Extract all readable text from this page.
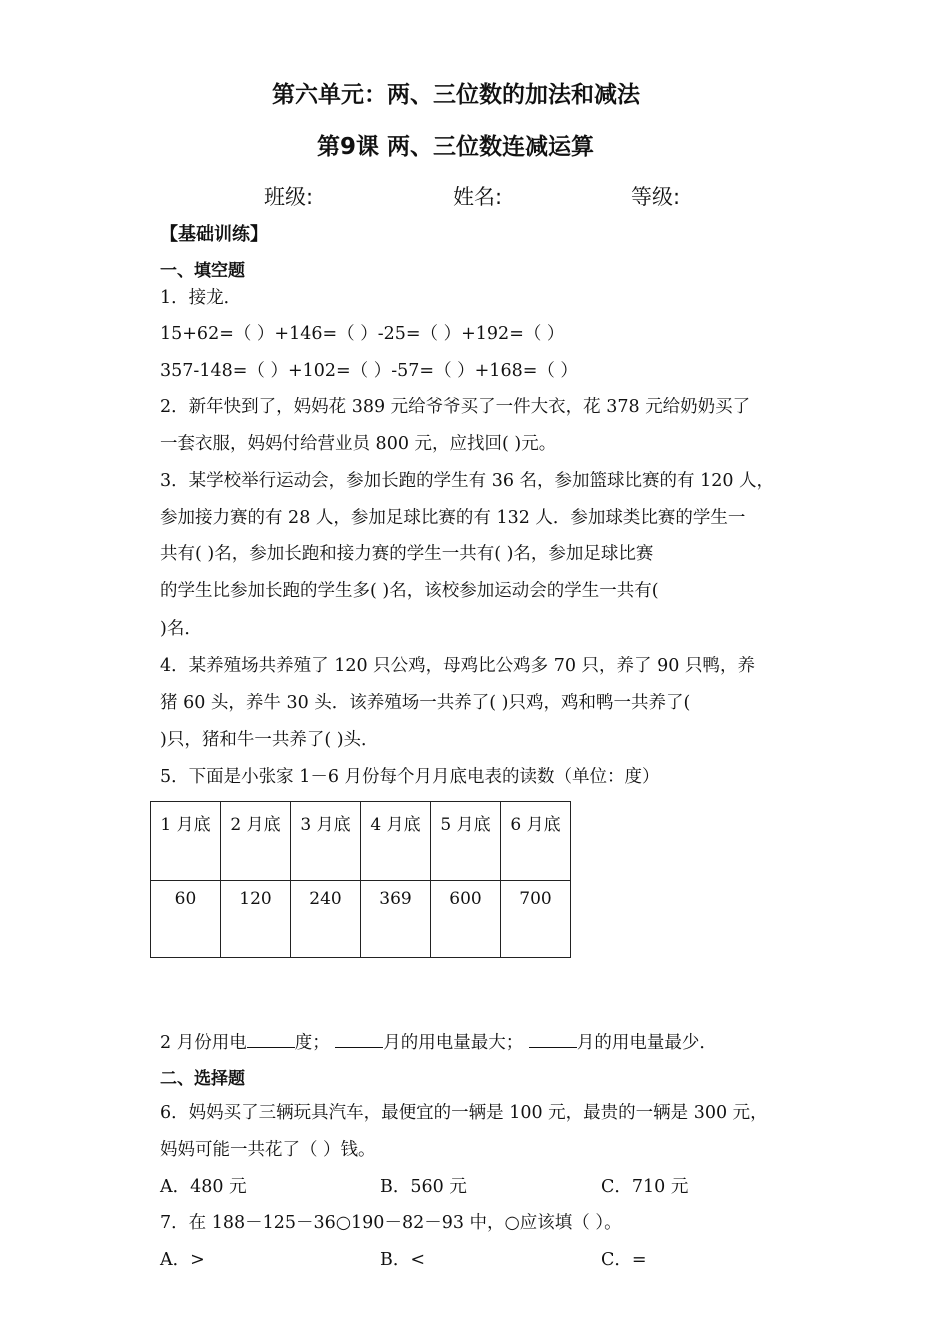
第六单元：两、三位数的加法和减法
第9课 两、三位数连减运算
班级:	姓名:	等级:
【基础训练】
一、填空题
1．接龙．
15+62=（ ）+146=（ ）-25=（ ）+192=（ ）
357-148=（ ）+102=（ ）-57=（ ）+168=（ ）
2．新年快到了，妈妈花 389 元给爷爷买了一件大衣，花 378 元给奶奶买了
一套衣服，妈妈付给营业员 800 元，应找回( )元。
3．某学校举行运动会，参加长跑的学生有 36 名，参加篮球比赛的有 120 人，
参加接力赛的有 28 人，参加足球比赛的有 132 人．参加球类比赛的学生一
共有( )名，参加长跑和接力赛的学生一共有( )名，参加足球比赛
的学生比参加长跑的学生多( )名，该校参加运动会的学生一共有(
)名．
4．某养殖场共养殖了 120 只公鸡，母鸡比公鸡多 70 只，养了 90 只鸭，养
猪 60 头，养牛 30 头．该养殖场一共养了( )只鸡，鸡和鸭一共养了(
)只，猪和牛一共养了( )头．
5．下面是小张家 1－6 月份每个月月底电表的读数（单位：度）
1 月底	2 月底	3 月底	4 月底	5 月底	6 月底
60	120	240	369	600	700
2 月份用电	度；	月的用电量最大；	月的用电量最少．
二、选择题
6．妈妈买了三辆玩具汽车，最便宜的一辆是 100 元，最贵的一辆是 300 元，
妈妈可能一共花了（ ）钱。
A．480 元	B．560 元	C．710 元
7．在 188－125－36○190－82－93 中，○应该填（ ）。
A．>	B．<	C．=
